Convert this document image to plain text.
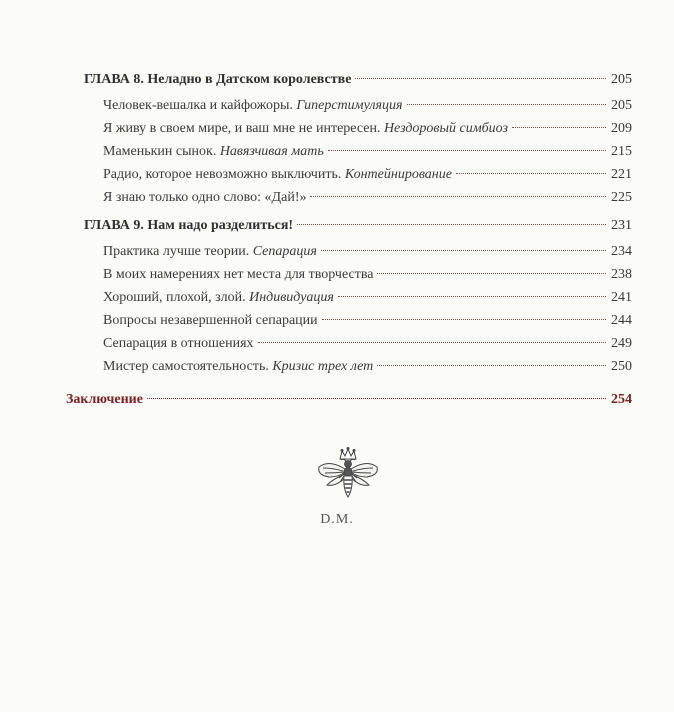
ГЛАВА 8. Неладно в Датском королевстве	205
Человек-вешалка и кайфожоры. Гиперстимуляция	205
Я живу в своем мире, и ваш мне не интересен. Нездоровый симбиоз	209
Маменькин сынок. Навязчивая мать	215
Радио, которое невозможно выключить. Контейнирование	221
Я знаю только одно слово: «Дай!»	225
ГЛАВА 9. Нам надо разделиться!	231
Практика лучше теории. Сепарация	234
В моих намерениях нет места для творчества	238
Хороший, плохой, злой. Индивидуация	241
Вопросы незавершенной сепарации	244
Сепарация в отношениях	249
Мистер самостоятельность. Кризис трех лет	250
Заключение	254
D.M.
